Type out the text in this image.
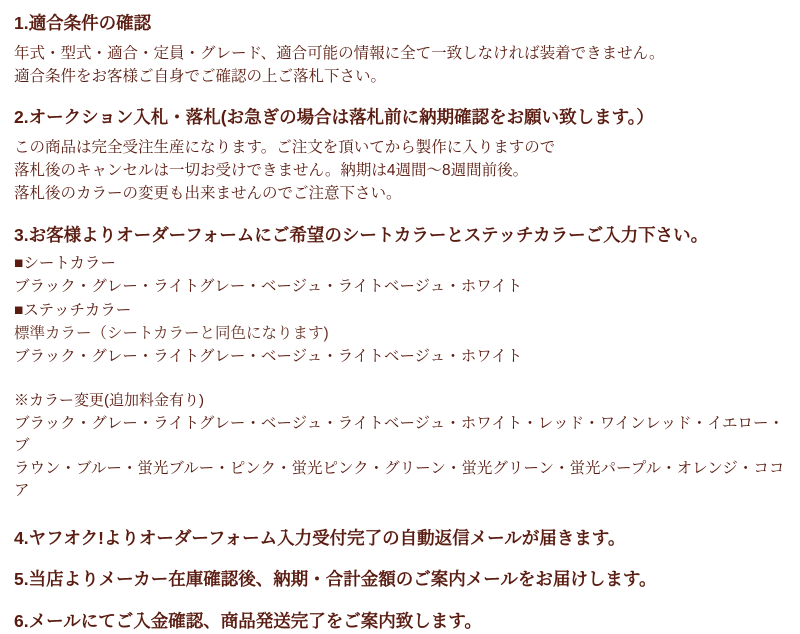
1.適合条件の確認
年式・型式・適合・定員・グレード、適合可能の情報に全て一致しなければ装着できません。
適合条件をお客様ご自身でご確認の上ご落札下さい。
2.オークション入札・落札(お急ぎの場合は落札前に納期確認をお願い致します。）
この商品は完全受注生産になります。ご注文を頂いてから製作に入りますので
落札後のキャンセルは一切お受けできません。納期は4週間～8週間前後。
落札後のカラーの変更も出来ませんのでご注意下さい。
3.お客様よりオーダーフォームにご希望のシートカラーとステッチカラーご入力下さい。
■シートカラー
ブラック・グレー・ライトグレー・ベージュ・ライトベージュ・ホワイト
■ステッチカラー
標準カラー（シートカラーと同色になります)
ブラック・グレー・ライトグレー・ベージュ・ライトベージュ・ホワイト
※カラー変更(追加料金有り)
ブラック・グレー・ライトグレー・ベージュ・ライトベージュ・ホワイト・レッド・ワインレッド・イエロー・ブ
ラウン・ブルー・蛍光ブルー・ピンク・蛍光ピンク・グリーン・蛍光グリーン・蛍光パープル・オレンジ・ココア
4.ヤフオク!よりオーダーフォーム入力受付完了の自動返信メールが届きます。
5.当店よりメーカー在庫確認後、納期・合計金額のご案内メールをお届けします。
6.メールにてご入金確認、商品発送完了をご案内致します。
